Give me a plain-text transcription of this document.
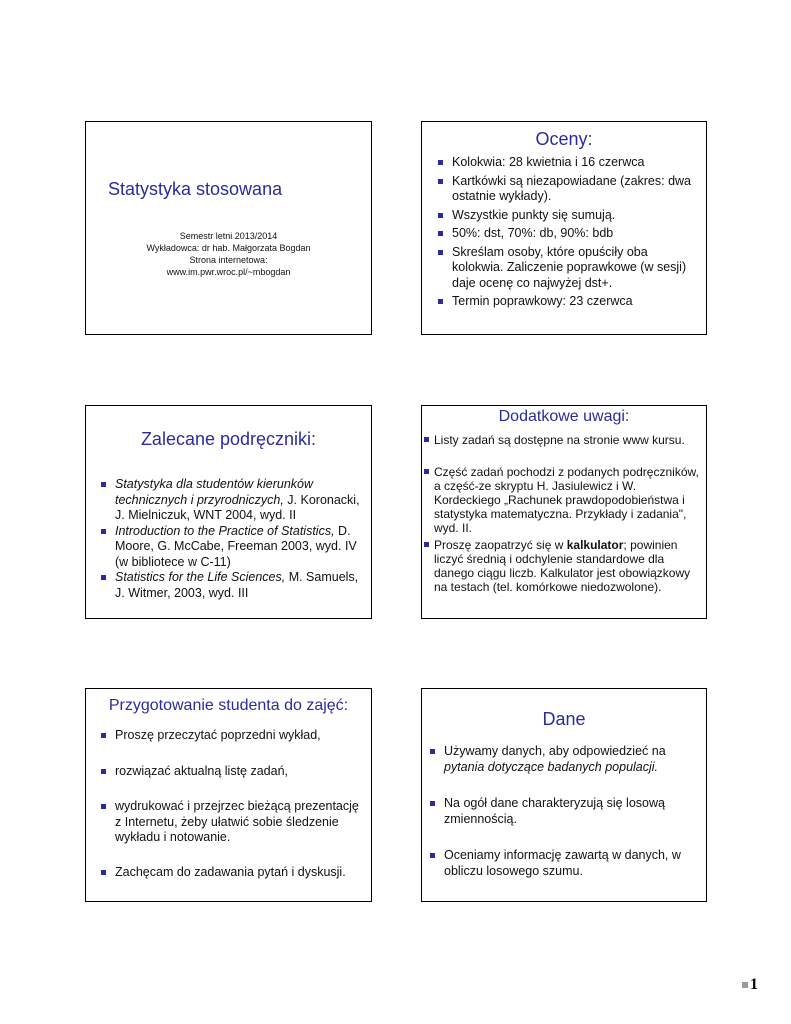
Statystyka stosowana
Semestr letni 2013/2014
Wykładowca: dr hab. Małgorzata Bogdan
Strona internetowa:
www.im.pwr.wroc.pl/~mbogdan
Oceny:
Kolokwia: 28 kwietnia i 16 czerwca
Kartkówki są niezapowiadane (zakres: dwa ostatnie wykłady).
Wszystkie punkty się sumują.
50%: dst, 70%: db, 90%: bdb
Skreślam osoby, które opuściły oba kolokwia. Zaliczenie poprawkowe (w sesji) daje ocenę co najwyżej dst+.
Termin poprawkowy: 23 czerwca
Zalecane podręczniki:
Statystyka dla studentów kierunków technicznych i przyrodniczych, J. Koronacki, J. Mielniczuk, WNT 2004, wyd. II
Introduction to the Practice of Statistics, D. Moore, G. McCabe, Freeman 2003, wyd. IV (w bibliotece w C-11)
Statistics for the Life Sciences, M. Samuels, J. Witmer, 2003, wyd. III
Dodatkowe uwagi:
Listy zadań są dostępne na stronie www kursu.
Część zadań pochodzi z podanych podręczników, a część-ze skryptu H. Jasiulewicz i W. Kordeckiego „Rachunek prawdopodobieństwa i statystyka matematyczna. Przykłady i zadania", wyd. II.
Proszę zaopatrzyć się w kalkulator; powinien liczyć średnią i odchylenie standardowe dla danego ciągu liczb. Kalkulator jest obowiązkowy na testach (tel. komórkowe niedozwolone).
Przygotowanie studenta do zajęć:
Proszę przeczytać poprzedni wykład,
rozwiązać aktualną listę zadań,
wydrukować i przejrzec bieżącą prezentację z Internetu, żeby ułatwić sobie śledzenie wykładu i notowanie.
Zachęcam do zadawania pytań i dyskusji.
Dane
Używamy danych, aby odpowiedzieć na
pytania dotyczące badanych populacji.
Na ogół dane charakteryzują się losową zmiennością.
Oceniamy informację zawartą w danych, w obliczu losowego szumu.
1
